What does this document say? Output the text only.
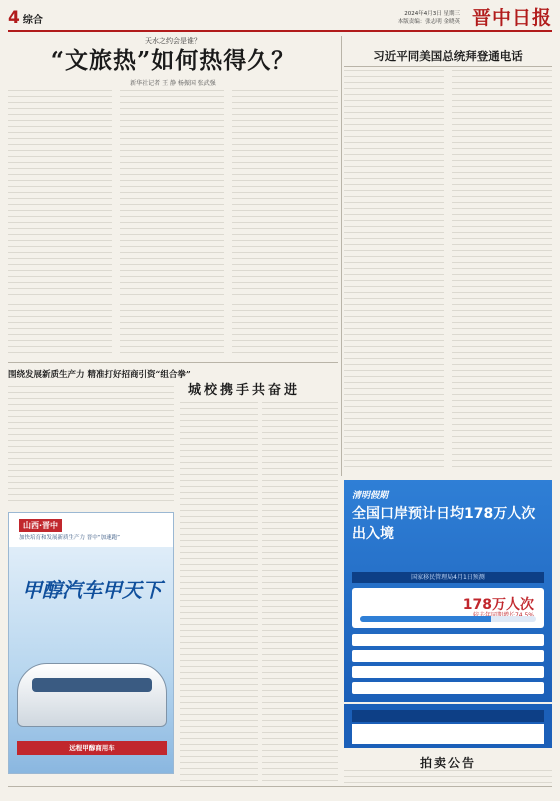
4 综合
2024年4月3日 星期三
本版责编：张志明 金晓英 晋中日报
天水之约会是谁？
“文旅热”如何热得久？
新华社记者 王 静 杨振国 张武强
习近平同美国总统拜登通电话
围绕发展新质生产力 精准打好招商引资“组合拳”
城校携手共奋进
山西·晋中
加快培育和发展新质生产力 晋中“加速跑”
甲醇汽车甲天下
远程甲醇商用车
清明假期
全国口岸预计日均178万人次出入境
国家移民管理局4月1日预测
178万人次
拍卖公告
